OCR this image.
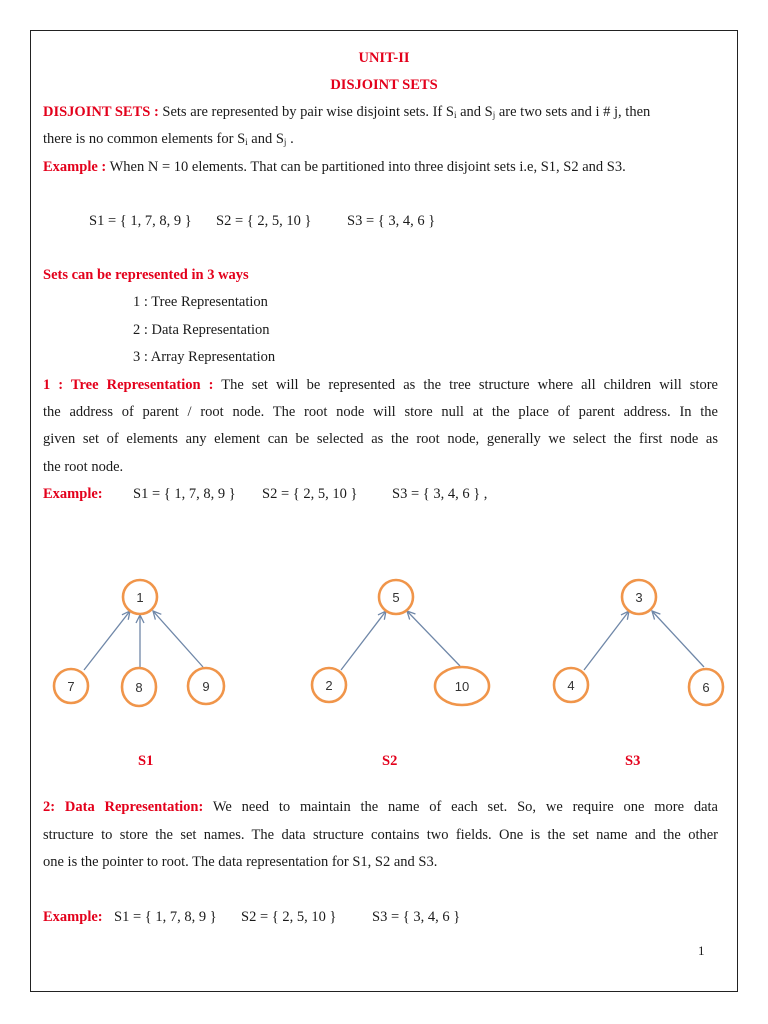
UNIT-II
DISJOINT SETS
DISJOINT SETS : Sets are represented by pair wise disjoint sets. If $S_i$ and $S_j$ are two sets and i # j, then
there is no common elements for $S_i$ and $S_j$ .
Example : When N = 10 elements. That can be partitioned into three disjoint sets i.e, S1, S2 and S3.
S1 = { 1, 7, 8, 9 } S2 = { 2, 5, 10 } S3 = { 3, 4, 6 }
Sets can be represented in 3 ways
1 : Tree Representation
2 : Data Representation
3 : Array Representation
1 : Tree Representation : The set will be represented as the tree structure where all children will store
the address of parent / root node. The root node will store null at the place of parent address. In the
given set of elements any element can be selected as the root node, generally we select the first node as
the root node.
Example: S1 = { 1, 7, 8, 9 } S2 = { 2, 5, 10 } S3 = { 3, 4, 6 } ,
1
7	8	9
5
2	10
3
4	6
S1	S2	S3
2: Data Representation: We need to maintain the name of each set. So, we require one more data
structure to store the set names. The data structure contains two fields. One is the set name and the other
one is the pointer to root. The data representation for S1, S2 and S3.
Example: S1 = { 1, 7, 8, 9 } S2 = { 2, 5, 10 } S3 = { 3, 4, 6 }
1
